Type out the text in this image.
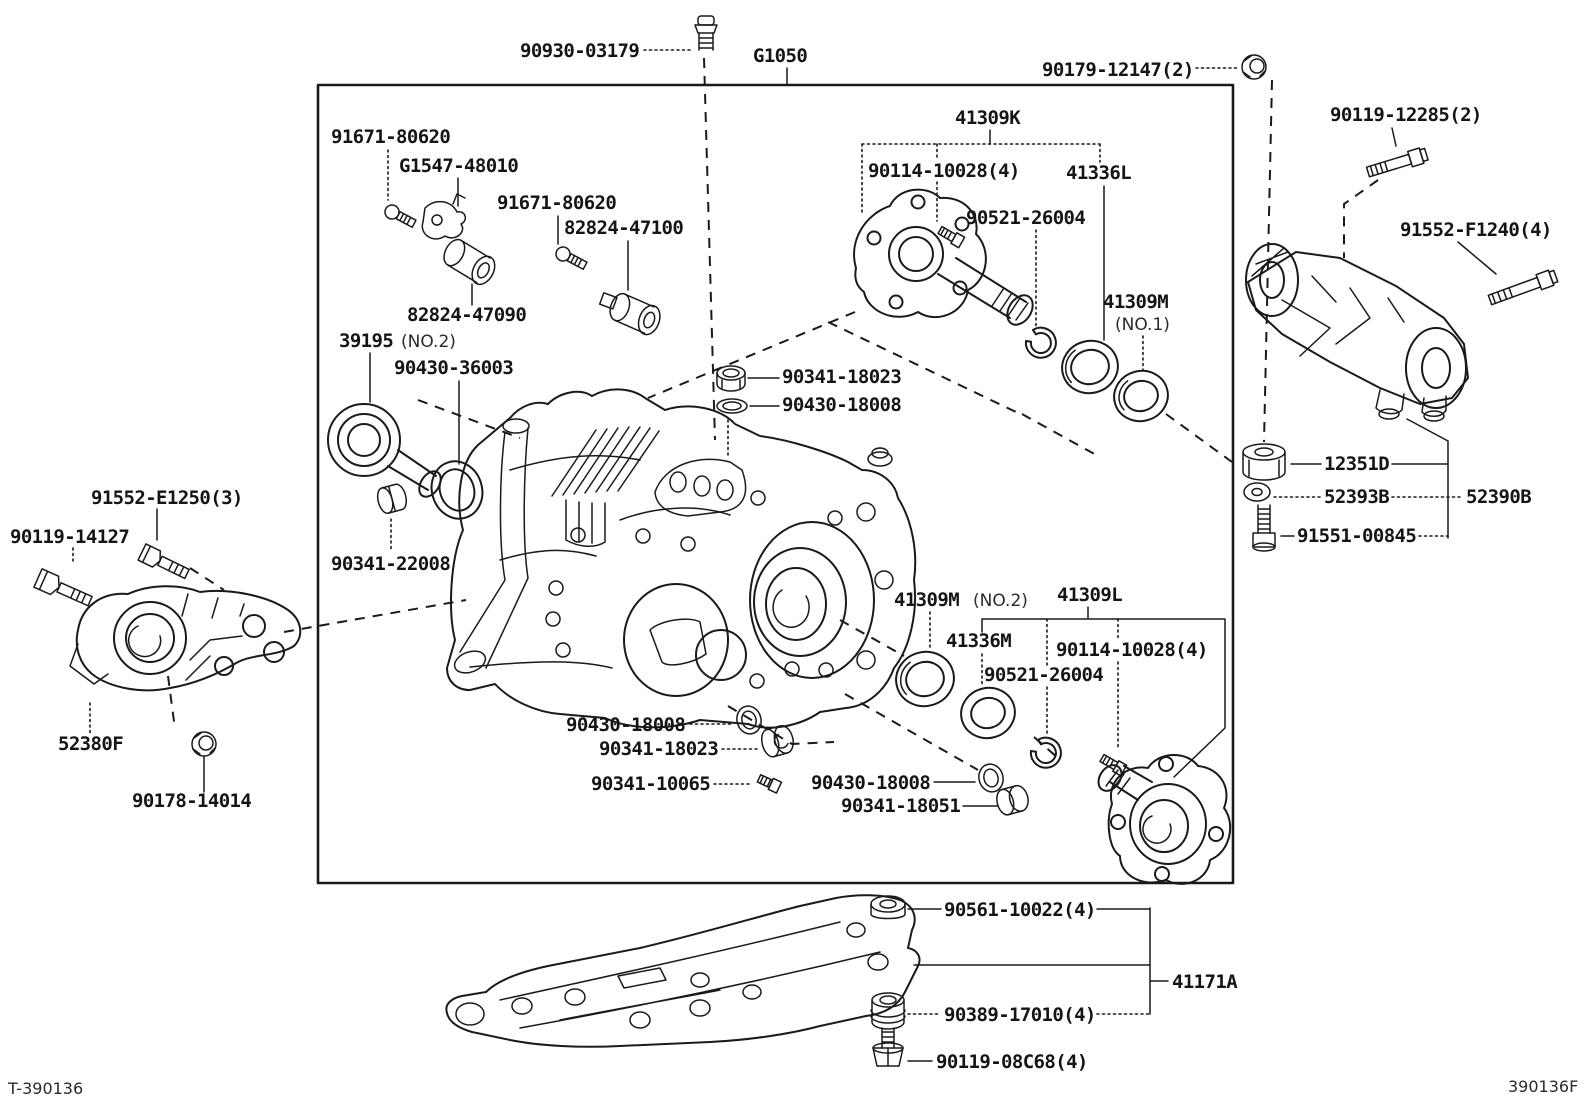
90930-03179	G1050
90179-12147(2)
90119-12285(2)
91552-F1240(4)
41309K
90114-10028(4) 41336L
90521-26004
41309M
(NO.1)
91671-80620
G1547-48010
91671-80620
82824-47100
82824-47090
39195 (NO.2)
90430-36003	90341-18023
90430-18008
90341-22008
12351D
52393B	52390B
91551-00845
91552-E1250(3)
90119-14127
52380F
90178-14014
41309M (NO.2) 41309L
41336M
90521-26004
90114-10028(4)
90430-18008
90341-18023
90341-10065	90430-18008
90341-18051
90561-10022(4)
41171A
90389-17010(4)
90119-08C68(4)
T-390136	390136F
